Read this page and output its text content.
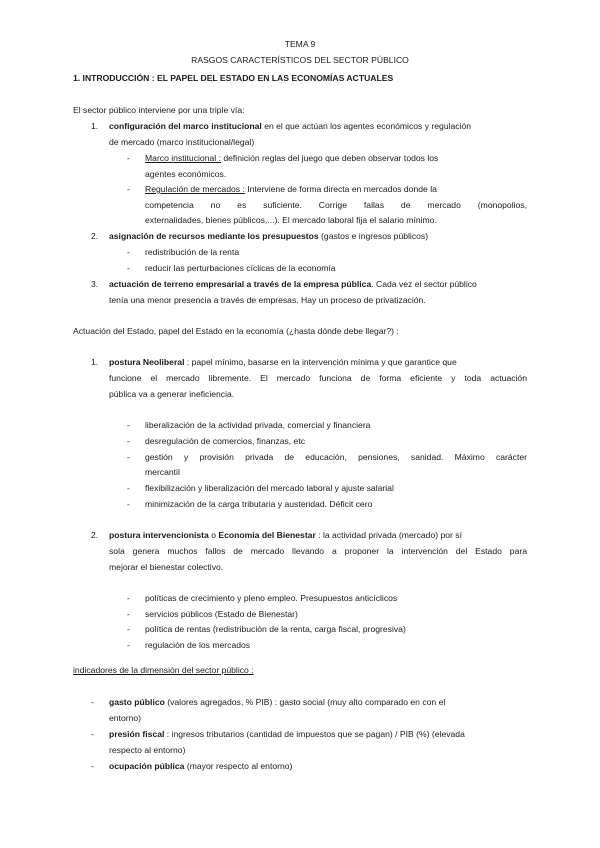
TEMA 9
RASGOS CARACTERÍSTICOS DEL SECTOR PÚBLICO
1. INTRODUCCIÓN : EL PAPEL DEL ESTADO EN LAS ECONOMÍAS ACTUALES
El sector público interviene por una triple vía:
1. configuración del marco institucional en el que actúan los agentes económicos y regulación
de mercado (marco institucional/legal)
- Marco institucional : definición reglas del juego que deben observar todos los
agentes económicos.
- Regulación de mercados : Interviene de forma directa en mercados donde la
competencia no es suficiente. Corrige fallas de mercado (monopolios,
externalidades, bienes públicos,...). El mercado laboral fija el salario mínimo.
2. asignación de recursos mediante los presupuestos (gastos e ingresos públicos)
- redistribución de la renta
- reducir las perturbaciones cíclicas de la economía
3. actuación de terreno empresarial a través de la empresa pública. Cada vez el sector público
tenía una menor presencia a través de empresas. Hay un proceso de privatización.
Actuación del Estado, papel del Estado en la economía (¿hasta dónde debe llegar?) :
1. postura Neoliberal : papel mínimo, basarse en la intervención mínima y que garantice que
funcione el mercado libremente. El mercado funciona de forma eficiente y toda actuación
pública va a generar ineficiencia.
- liberalización de la actividad privada, comercial y financiera
- desregulación de comercios, finanzas, etc
- gestión y provisión privada de educación, pensiones, sanidad. Máximo carácter
mercantil
- flexibilización y liberalización del mercado laboral y ajuste salarial
- minimización de la carga tributaria y austeridad. Déficit cero
2. postura intervencionista o Economía del Bienestar : la actividad privada (mercado) por sí
sola genera muchos fallos de mercado llevando a proponer la intervención del Estado para
mejorar el bienestar colectivo.
- políticas de crecimiento y pleno empleo. Presupuestos anticíclicos
- servicios públicos (Estado de Bienestar)
- política de rentas (redistribución de la renta, carga fiscal, progresiva)
- regulación de los mercados
indicadores de la dimensión del sector público :
- gasto público (valores agregados, % PIB) : gasto social (muy alto comparado en con el
entorno)
- presión fiscal : ingresos tributarios (cantidad de impuestos que se pagan) / PIB (%) (elevada
respecto al entorno)
- ocupación pública (mayor respecto al entorno)
